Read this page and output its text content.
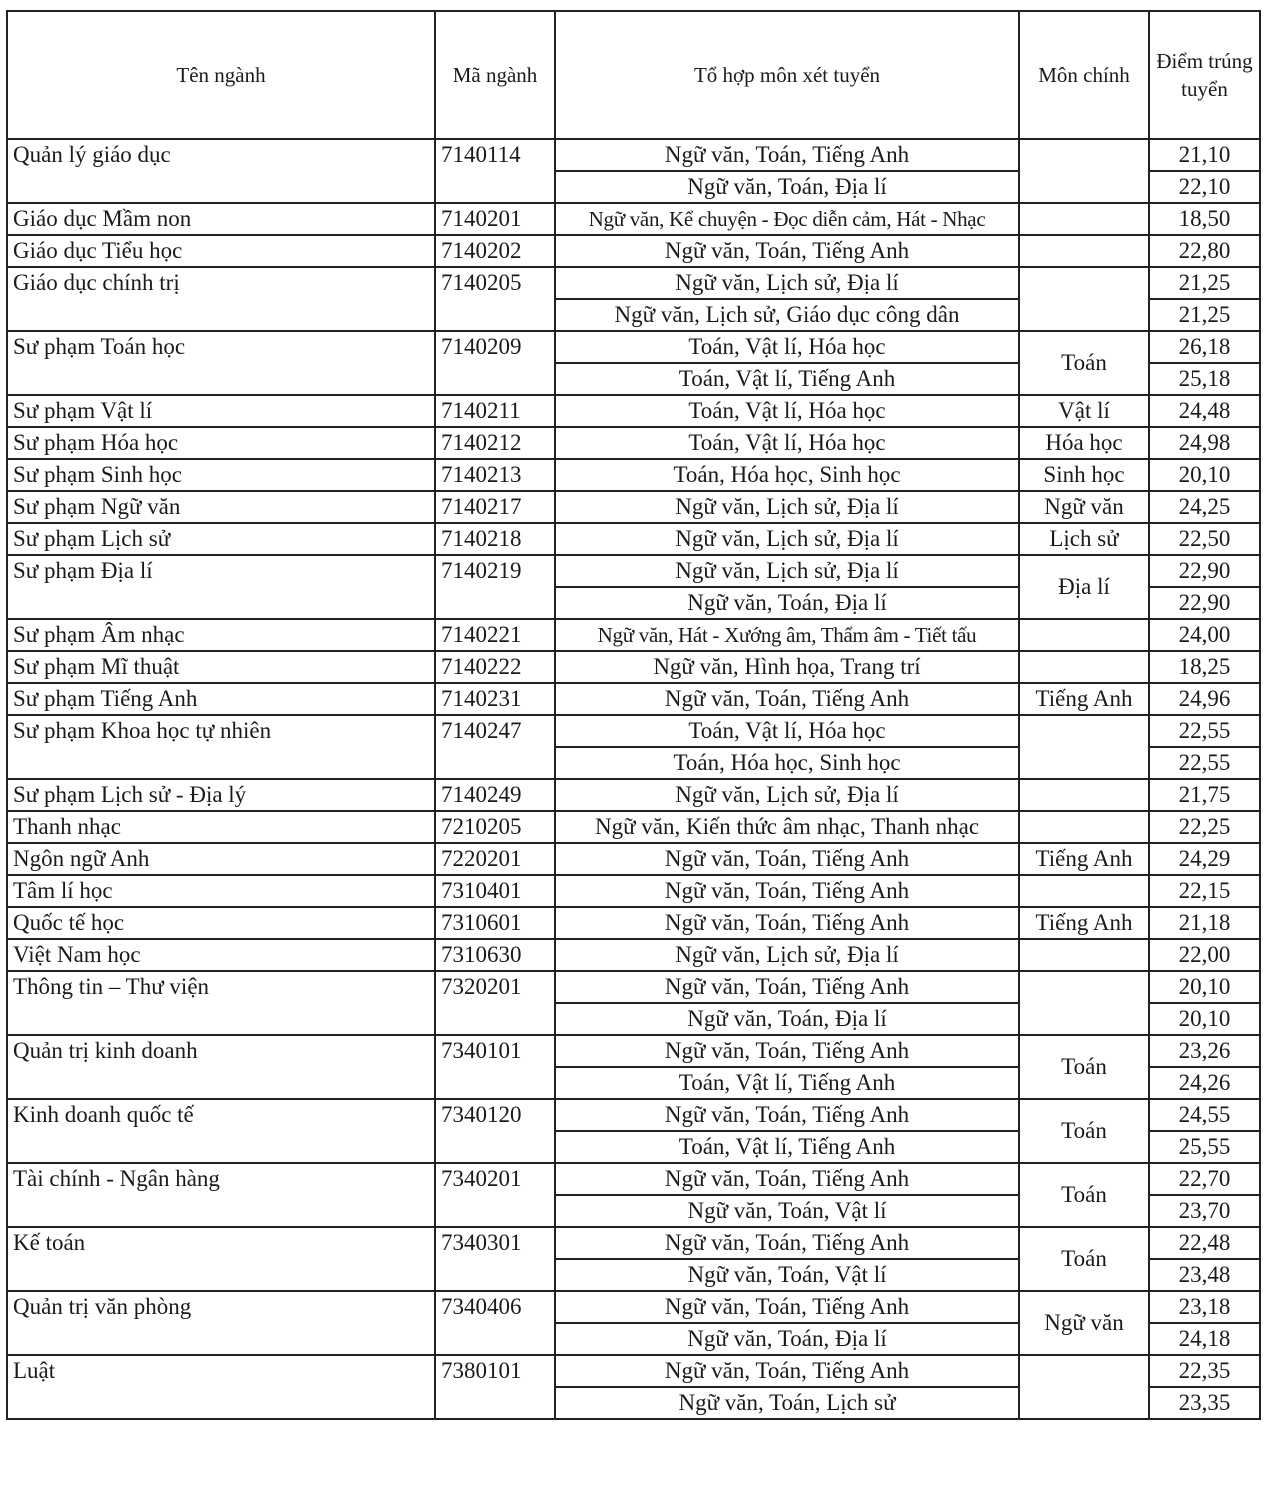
Tên ngành	Mã ngành	Tổ hợp môn xét tuyển	Môn chính	Điểm trúng tuyển
Quản lý giáo dục	7140114	Ngữ văn, Toán, Tiếng Anh		21,10
		Ngữ văn, Toán, Địa lí		22,10
Giáo dục Mầm non	7140201	Ngữ văn, Kể chuyện - Đọc diễn cảm, Hát - Nhạc		18,50
Giáo dục Tiểu học	7140202	Ngữ văn, Toán, Tiếng Anh		22,80
Giáo dục chính trị	7140205	Ngữ văn, Lịch sử, Địa lí		21,25
		Ngữ văn, Lịch sử, Giáo dục công dân		21,25
Sư phạm Toán học	7140209	Toán, Vật lí, Hóa học	Toán	26,18
		Toán, Vật lí, Tiếng Anh		25,18
Sư phạm Vật lí	7140211	Toán, Vật lí, Hóa học	Vật lí	24,48
Sư phạm Hóa học	7140212	Toán, Vật lí, Hóa học	Hóa học	24,98
Sư phạm Sinh học	7140213	Toán, Hóa học, Sinh học	Sinh học	20,10
Sư phạm Ngữ văn	7140217	Ngữ văn, Lịch sử, Địa lí	Ngữ văn	24,25
Sư phạm Lịch sử	7140218	Ngữ văn, Lịch sử, Địa lí	Lịch sử	22,50
Sư phạm Địa lí	7140219	Ngữ văn, Lịch sử, Địa lí	Địa lí	22,90
		Ngữ văn, Toán, Địa lí		22,90
Sư phạm Âm nhạc	7140221	Ngữ văn, Hát - Xướng âm, Thẩm âm - Tiết tấu		24,00
Sư phạm Mĩ thuật	7140222	Ngữ văn, Hình họa, Trang trí		18,25
Sư phạm Tiếng Anh	7140231	Ngữ văn, Toán, Tiếng Anh	Tiếng Anh	24,96
Sư phạm Khoa học tự nhiên	7140247	Toán, Vật lí, Hóa học		22,55
		Toán, Hóa học, Sinh học		22,55
Sư phạm Lịch sử - Địa lý	7140249	Ngữ văn, Lịch sử, Địa lí		21,75
Thanh nhạc	7210205	Ngữ văn, Kiến thức âm nhạc, Thanh nhạc		22,25
Ngôn ngữ Anh	7220201	Ngữ văn, Toán, Tiếng Anh	Tiếng Anh	24,29
Tâm lí học	7310401	Ngữ văn, Toán, Tiếng Anh		22,15
Quốc tế học	7310601	Ngữ văn, Toán, Tiếng Anh	Tiếng Anh	21,18
Việt Nam học	7310630	Ngữ văn, Lịch sử, Địa lí		22,00
Thông tin – Thư viện	7320201	Ngữ văn, Toán, Tiếng Anh		20,10
		Ngữ văn, Toán, Địa lí		20,10
Quản trị kinh doanh	7340101	Ngữ văn, Toán, Tiếng Anh	Toán	23,26
		Toán, Vật lí, Tiếng Anh		24,26
Kinh doanh quốc tế	7340120	Ngữ văn, Toán, Tiếng Anh	Toán	24,55
		Toán, Vật lí, Tiếng Anh		25,55
Tài chính - Ngân hàng	7340201	Ngữ văn, Toán, Tiếng Anh	Toán	22,70
		Ngữ văn, Toán, Vật lí		23,70
Kế toán	7340301	Ngữ văn, Toán, Tiếng Anh	Toán	22,48
		Ngữ văn, Toán, Vật lí		23,48
Quản trị văn phòng	7340406	Ngữ văn, Toán, Tiếng Anh	Ngữ văn	23,18
		Ngữ văn, Toán, Địa lí		24,18
Luật	7380101	Ngữ văn, Toán, Tiếng Anh		22,35
		Ngữ văn, Toán, Lịch sử		23,35
